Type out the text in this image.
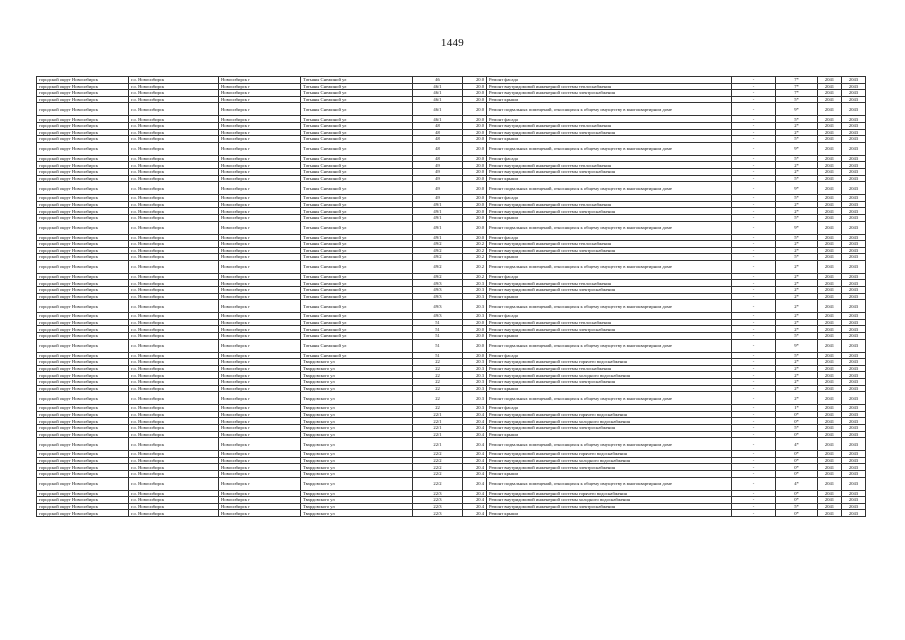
1449
городской округ Новосибирск	г.о. Новосибирск	Новосибирск г	Татьяны Снежиной ул	46	20.0	Ремонт фасада	-	7*	2041	2043
городской округ Новосибирск	г.о. Новосибирск	Новосибирск г	Татьяны Снежиной ул	46/1	20.0	Ремонт внутридомовой инженерной системы теплоснабжения	-	7*	2041	2043
городской округ Новосибирск	г.о. Новосибирск	Новосибирск г	Татьяны Снежиной ул	46/1	20.0	Ремонт внутридомовой инженерной системы электроснабжения	-	7*	2041	2043
городской округ Новосибирск	г.о. Новосибирск	Новосибирск г	Татьяны Снежиной ул	46/1	20.0	Ремонт крыши	-	5*	2041	2043
городской округ Новосибирск	г.о. Новосибирск	Новосибирск г	Татьяны Снежиной ул	46/1	20.0	Ремонт подвальных помещений, относящихся к общему имуществу в многоквартирном доме	-	9*	2041	2043
городской округ Новосибирск	г.о. Новосибирск	Новосибирск г	Татьяны Снежиной ул	46/1	20.0	Ремонт фасада	-	5*	2041	2043
городской округ Новосибирск	г.о. Новосибирск	Новосибирск г	Татьяны Снежиной ул	48	20.0	Ремонт внутридомовой инженерной системы теплоснабжения	-	2*	2041	2043
городской округ Новосибирск	г.о. Новосибирск	Новосибирск г	Татьяны Снежиной ул	48	20.0	Ремонт внутридомовой инженерной системы электроснабжения	-	2*	2041	2043
городской округ Новосибирск	г.о. Новосибирск	Новосибирск г	Татьяны Снежиной ул	48	20.0	Ремонт крыши	-	5*	2041	2043
городской округ Новосибирск	г.о. Новосибирск	Новосибирск г	Татьяны Снежиной ул	48	20.0	Ремонт подвальных помещений, относящихся к общему имуществу в многоквартирном доме	-	9*	2041	2043
городской округ Новосибирск	г.о. Новосибирск	Новосибирск г	Татьяны Снежиной ул	48	20.0	Ремонт фасада	-	5*	2041	2043
городской округ Новосибирск	г.о. Новосибирск	Новосибирск г	Татьяны Снежиной ул	49	20.0	Ремонт внутридомовой инженерной системы теплоснабжения	-	2*	2041	2043
городской округ Новосибирск	г.о. Новосибирск	Новосибирск г	Татьяны Снежиной ул	49	20.0	Ремонт внутридомовой инженерной системы электроснабжения	-	2*	2041	2043
городской округ Новосибирск	г.о. Новосибирск	Новосибирск г	Татьяны Снежиной ул	49	20.0	Ремонт крыши	-	5*	2041	2043
городской округ Новосибирск	г.о. Новосибирск	Новосибирск г	Татьяны Снежиной ул	49	20.0	Ремонт подвальных помещений, относящихся к общему имуществу в многоквартирном доме	-	9*	2041	2043
городской округ Новосибирск	г.о. Новосибирск	Новосибирск г	Татьяны Снежиной ул	49	20.0	Ремонт фасада	-	5*	2041	2043
городской округ Новосибирск	г.о. Новосибирск	Новосибирск г	Татьяны Снежиной ул	49/1	20.0	Ремонт внутридомовой инженерной системы теплоснабжения	-	2*	2041	2043
городской округ Новосибирск	г.о. Новосибирск	Новосибирск г	Татьяны Снежиной ул	49/1	20.0	Ремонт внутридомовой инженерной системы электроснабжения	-	2*	2041	2043
городской округ Новосибирск	г.о. Новосибирск	Новосибирск г	Татьяны Снежиной ул	49/1	20.0	Ремонт крыши	-	5*	2041	2043
городской округ Новосибирск	г.о. Новосибирск	Новосибирск г	Татьяны Снежиной ул	49/1	20.0	Ремонт подвальных помещений, относящихся к общему имуществу в многоквартирном доме	-	9*	2041	2043
городской округ Новосибирск	г.о. Новосибирск	Новосибирск г	Татьяны Снежиной ул	49/1	20.0	Ремонт фасада	-	5*	2041	2043
городской округ Новосибирск	г.о. Новосибирск	Новосибирск г	Татьяны Снежиной ул	49/2	20.2	Ремонт внутридомовой инженерной системы теплоснабжения	-	2*	2041	2043
городской округ Новосибирск	г.о. Новосибирск	Новосибирск г	Татьяны Снежиной ул	49/2	20.2	Ремонт внутридомовой инженерной системы электроснабжения	-	2*	2041	2043
городской округ Новосибирск	г.о. Новосибирск	Новосибирск г	Татьяны Снежиной ул	49/2	20.2	Ремонт крыши	-	5*	2041	2043
городской округ Новосибирск	г.о. Новосибирск	Новосибирск г	Татьяны Снежиной ул	49/2	20.2	Ремонт подвальных помещений, относящихся к общему имуществу в многоквартирном доме	-	2*	2041	2043
городской округ Новосибирск	г.о. Новосибирск	Новосибирск г	Татьяны Снежиной ул	49/2	20.2	Ремонт фасада	-	2*	2041	2043
городской округ Новосибирск	г.о. Новосибирск	Новосибирск г	Татьяны Снежиной ул	49/3	20.3	Ремонт внутридомовой инженерной системы теплоснабжения	-	2*	2041	2043
городской округ Новосибирск	г.о. Новосибирск	Новосибирск г	Татьяны Снежиной ул	49/3	20.3	Ремонт внутридомовой инженерной системы электроснабжения	-	2*	2041	2043
городской округ Новосибирск	г.о. Новосибирск	Новосибирск г	Татьяны Снежиной ул	49/3	20.3	Ремонт крыши	-	2*	2041	2043
городской округ Новосибирск	г.о. Новосибирск	Новосибирск г	Татьяны Снежиной ул	49/3	20.3	Ремонт подвальных помещений, относящихся к общему имуществу в многоквартирном доме	-	2*	2041	2043
городской округ Новосибирск	г.о. Новосибирск	Новосибирск г	Татьяны Снежиной ул	49/3	20.3	Ремонт фасада	-	2*	2041	2043
городской округ Новосибирск	г.о. Новосибирск	Новосибирск г	Татьяны Снежиной ул	51	20.0	Ремонт внутридомовой инженерной системы теплоснабжения	-	2*	2041	2043
городской округ Новосибирск	г.о. Новосибирск	Новосибирск г	Татьяны Снежиной ул	51	20.0	Ремонт внутридомовой инженерной системы электроснабжения	-	2*	2041	2043
городской округ Новосибирск	г.о. Новосибирск	Новосибирск г	Татьяны Снежиной ул	51	20.0	Ремонт крыши	-	5*	2041	2043
городской округ Новосибирск	г.о. Новосибирск	Новосибирск г	Татьяны Снежиной ул	51	20.0	Ремонт подвальных помещений, относящихся к общему имуществу в многоквартирном доме	-	9*	2041	2043
городской округ Новосибирск	г.о. Новосибирск	Новосибирск г	Татьяны Снежиной ул	51	20.0	Ремонт фасада	-	5*	2041	2043
городской округ Новосибирск	г.о. Новосибирск	Новосибирск г	Твардовского ул	22	20.3	Ремонт внутридомовой инженерной системы горячего водоснабжения	-	2*	2041	2043
городской округ Новосибирск	г.о. Новосибирск	Новосибирск г	Твардовского ул	22	20.3	Ремонт внутридомовой инженерной системы теплоснабжения	-	2*	2041	2043
городской округ Новосибирск	г.о. Новосибирск	Новосибирск г	Твардовского ул	22	20.3	Ремонт внутридомовой инженерной системы холодного водоснабжения	-	2*	2041	2043
городской округ Новосибирск	г.о. Новосибирск	Новосибирск г	Твардовского ул	22	20.3	Ремонт внутридомовой инженерной системы электроснабжения	-	2*	2041	2043
городской округ Новосибирск	г.о. Новосибирск	Новосибирск г	Твардовского ул	22	20.3	Ремонт крыши	-	2*	2041	2043
городской округ Новосибирск	г.о. Новосибирск	Новосибирск г	Твардовского ул	22	20.3	Ремонт подвальных помещений, относящихся к общему имуществу в многоквартирном доме	-	2*	2041	2043
городской округ Новосибирск	г.о. Новосибирск	Новосибирск г	Твардовского ул	22	20.3	Ремонт фасада	-	1*	2041	2043
городской округ Новосибирск	г.о. Новосибирск	Новосибирск г	Твардовского ул	22/1	20.4	Ремонт внутридомовой инженерной системы горячего водоснабжения	-	0*	2041	2043
городской округ Новосибирск	г.о. Новосибирск	Новосибирск г	Твардовского ул	22/1	20.4	Ремонт внутридомовой инженерной системы холодного водоснабжения	-	0*	2041	2043
городской округ Новосибирск	г.о. Новосибирск	Новосибирск г	Твардовского ул	22/1	20.4	Ремонт внутридомовой инженерной системы электроснабжения	-	5*	2041	2043
городской округ Новосибирск	г.о. Новосибирск	Новосибирск г	Твардовского ул	22/1	20.4	Ремонт крыши	-	0*	2041	2043
городской округ Новосибирск	г.о. Новосибирск	Новосибирск г	Твардовского ул	22/1	20.4	Ремонт подвальных помещений, относящихся к общему имуществу в многоквартирном доме	-	4*	2041	2043
городской округ Новосибирск	г.о. Новосибирск	Новосибирск г	Твардовского ул	22/2	20.4	Ремонт внутридомовой инженерной системы горячего водоснабжения	-	0*	2041	2043
городской округ Новосибирск	г.о. Новосибирск	Новосибирск г	Твардовского ул	22/2	20.4	Ремонт внутридомовой инженерной системы холодного водоснабжения	-	0*	2041	2043
городской округ Новосибирск	г.о. Новосибирск	Новосибирск г	Твардовского ул	22/2	20.4	Ремонт внутридомовой инженерной системы электроснабжения	-	0*	2041	2043
городской округ Новосибирск	г.о. Новосибирск	Новосибирск г	Твардовского ул	22/2	20.4	Ремонт крыши	-	0*	2041	2043
городской округ Новосибирск	г.о. Новосибирск	Новосибирск г	Твардовского ул	22/2	20.4	Ремонт подвальных помещений, относящихся к общему имуществу в многоквартирном доме	-	4*	2041	2043
городской округ Новосибирск	г.о. Новосибирск	Новосибирск г	Твардовского ул	22/3	20.4	Ремонт внутридомовой инженерной системы горячего водоснабжения	-	0*	2041	2043
городской округ Новосибирск	г.о. Новосибирск	Новосибирск г	Твардовского ул	22/3	20.4	Ремонт внутридомовой инженерной системы холодного водоснабжения	-	0*	2041	2043
городской округ Новосибирск	г.о. Новосибирск	Новосибирск г	Твардовского ул	22/3	20.4	Ремонт внутридомовой инженерной системы электроснабжения	-	5*	2041	2043
городской округ Новосибирск	г.о. Новосибирск	Новосибирск г	Твардовского ул	22/3	20.4	Ремонт крыши	-	0*	2041	2043
